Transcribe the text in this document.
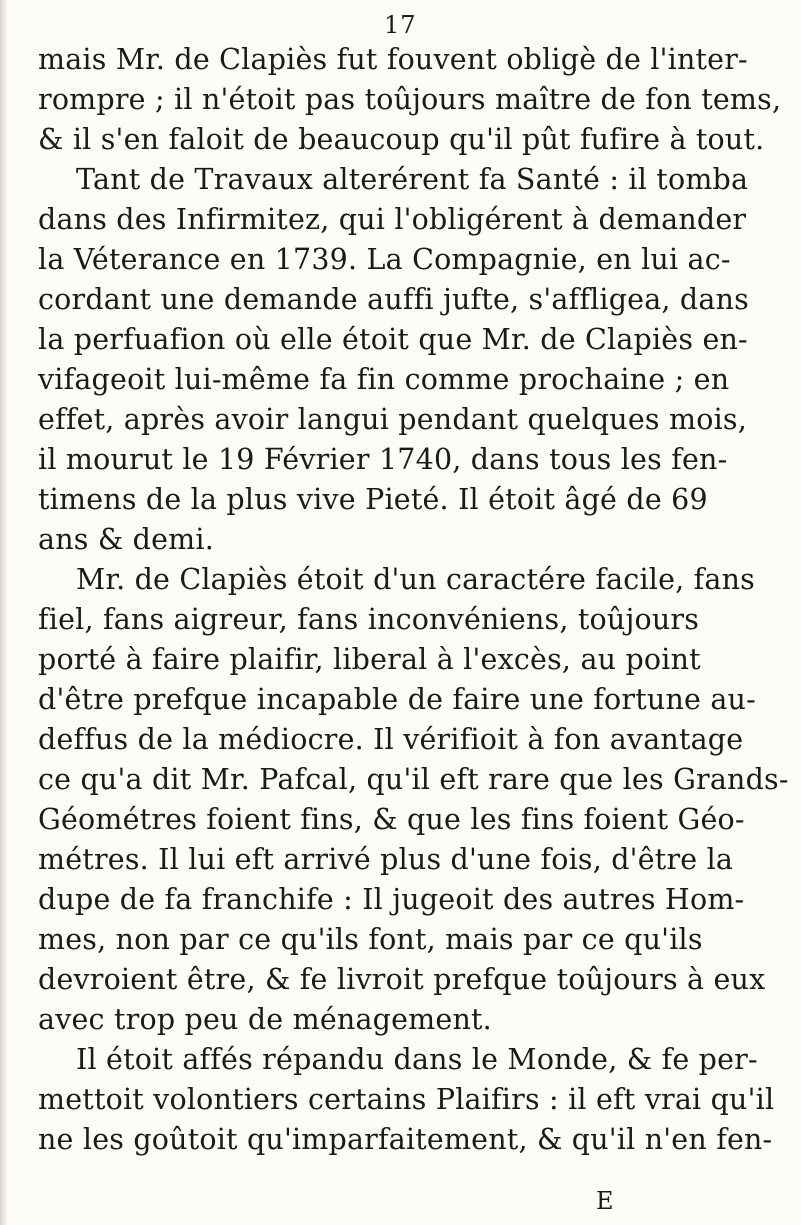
17
mais Mr. de Clapiès fut fouvent obligè de l'inter-
rompre ; il n'étoit pas toûjours maître de fon tems,
& il s'en faloit de beaucoup qu'il pût fufire à tout.
Tant de Travaux alterérent fa Santé : il tomba
dans des Infirmitez, qui l'obligérent à demander
la Véterance en 1739. La Compagnie, en lui ac-
cordant une demande auffi jufte, s'affligea, dans
la perfuafion où elle étoit que Mr. de Clapiès en-
vifageoit lui-même fa fin comme prochaine ; en
effet, après avoir langui pendant quelques mois,
il mourut le 19 Février 1740, dans tous les fen-
timens de la plus vive Pieté. Il étoit âgé de 69
ans & demi.
Mr. de Clapiès étoit d'un caractére facile, fans
fiel, fans aigreur, fans inconvéniens, toûjours
porté à faire plaifir, liberal à l'excès, au point
d'être prefque incapable de faire une fortune au-
deffus de la médiocre. Il vérifioit à fon avantage
ce qu'a dit Mr. Pafcal, qu'il eft rare que les Grands-
Géométres foient fins, & que les fins foient Géo-
métres. Il lui eft arrivé plus d'une fois, d'être la
dupe de fa franchife : Il jugeoit des autres Hom-
mes, non par ce qu'ils font, mais par ce qu'ils
devroient être, & fe livroit prefque toûjours à eux
avec trop peu de ménagement.
Il étoit affés répandu dans le Monde, & fe per-
mettoit volontiers certains Plaifirs : il eft vrai qu'il
ne les goûtoit qu'imparfaitement, & qu'il n'en fen-
E
